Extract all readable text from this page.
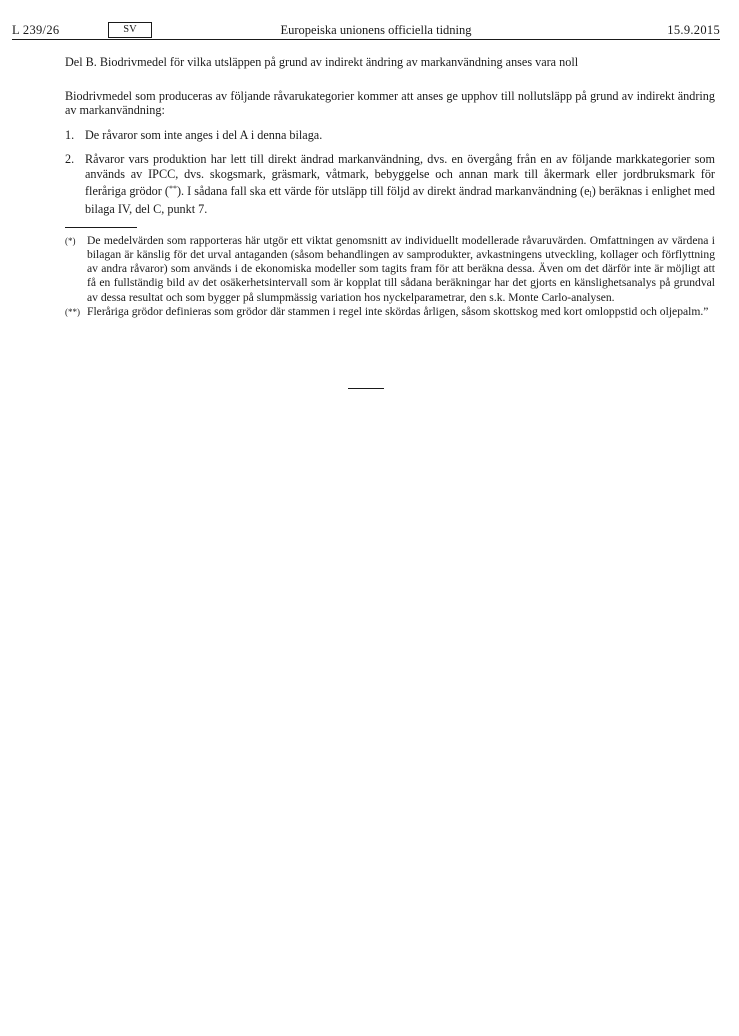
L 239/26	SV	Europeiska unionens officiella tidning	15.9.2015

Del B. Biodrivmedel för vilka utsläppen på grund av indirekt ändring av markanvändning anses vara noll

Biodrivmedel som produceras av följande råvarukategorier kommer att anses ge upphov till nollutsläpp på grund av indirekt ändring av markanvändning:

1. De råvaror som inte anges i del A i denna bilaga.
2. Råvaror vars produktion har lett till direkt ändrad markanvändning, dvs. en övergång från en av följande markkategorier som används av IPCC, dvs. skogsmark, gräsmark, våtmark, bebyggelse och annan mark till åkermark eller jordbruksmark för fleråriga grödor (**). I sådana fall ska ett värde för utsläpp till följd av direkt ändrad markanvändning $(e_l)$ beräknas i enlighet med bilaga IV, del C, punkt 7.
(*) De medelvärden som rapporteras här utgör ett viktat genomsnitt av individuellt modellerade råvaruvärden. Omfattningen av värdena i bilagan är känslig för det urval antaganden (såsom behandlingen av samprodukter, avkastningens utveckling, kollager och förflyttning av andra råvaror) som används i de ekonomiska modeller som tagits fram för att beräkna dessa. Även om det därför inte är möjligt att få en fullständig bild av det osäkerhetsintervall som är kopplat till sådana beräkningar har det gjorts en känslighetsanalys på grundval av dessa resultat och som bygger på slumpmässig variation hos nyckelparametrar, den s.k. Monte Carlo-analysen.
(**) Fleråriga grödor definieras som grödor där stammen i regel inte skördas årligen, såsom skottskog med kort omloppstid och oljepalm.”
